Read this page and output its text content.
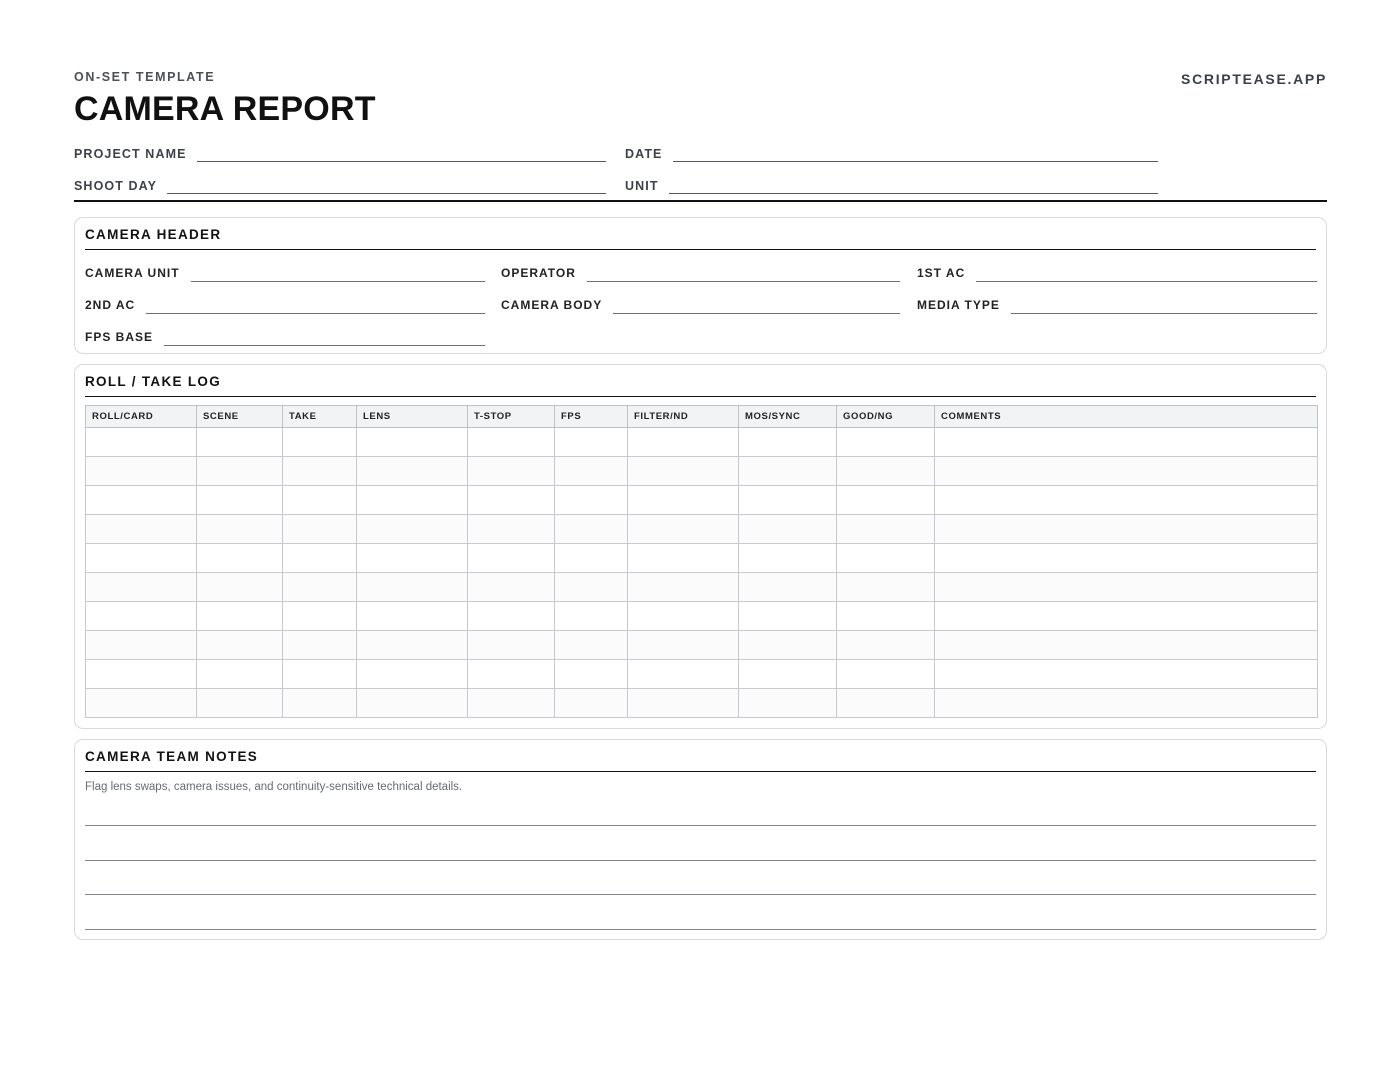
ON-SET TEMPLATE
CAMERA REPORT
SCRIPTEASE.APP
PROJECT NAME	DATE
SHOOT DAY	UNIT
CAMERA HEADER
CAMERA UNIT	OPERATOR	1ST AC
2ND AC	CAMERA BODY	MEDIA TYPE
FPS BASE
ROLL / TAKE LOG
ROLL/CARD	SCENE	TAKE	LENS	T-STOP	FPS	FILTER/ND	MOS/SYNC	GOOD/NG	COMMENTS

CAMERA TEAM NOTES
Flag lens swaps, camera issues, and continuity-sensitive technical details.
